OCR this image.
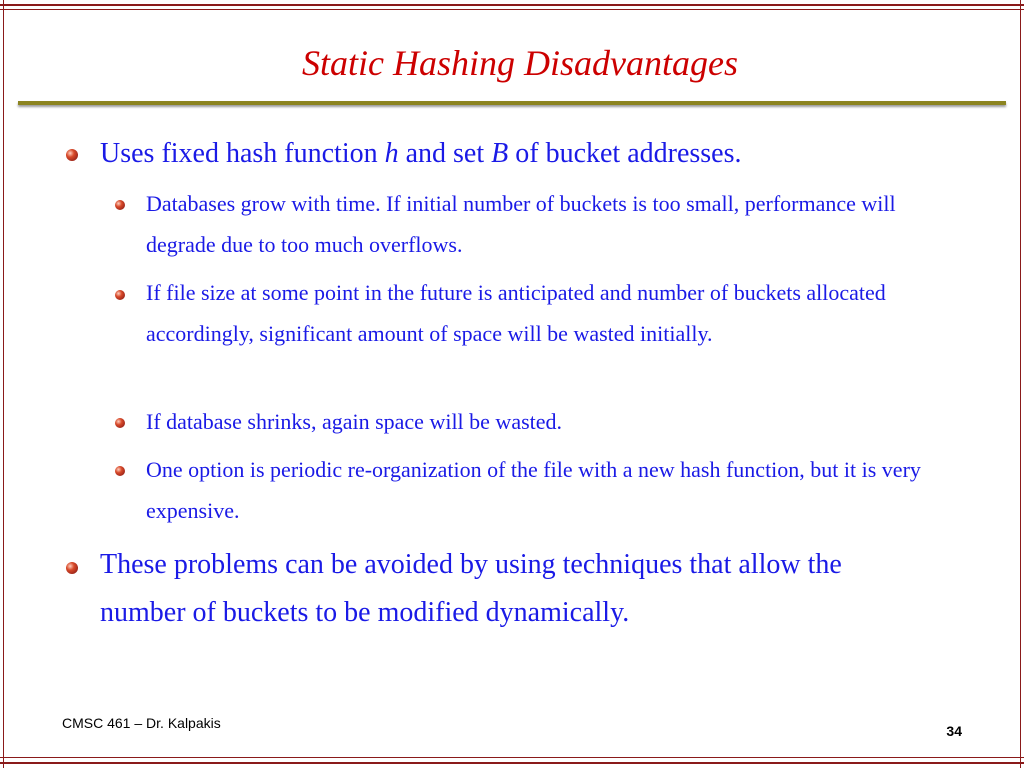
Static Hashing Disadvantages

Uses fixed hash function h and set B of bucket addresses.

Databases grow with time. If initial number of buckets is too small, performance will degrade due to too much overflows.

If file size at some point in the future is anticipated and number of buckets allocated accordingly, significant amount of space will be wasted initially.

If database shrinks, again space will be wasted.

One option is periodic re-organization of the file with a new hash function, but it is very expensive.

These problems can be avoided by using techniques that allow the number of buckets to be modified dynamically.

CMSC 461 – Dr. Kalpakis	34
